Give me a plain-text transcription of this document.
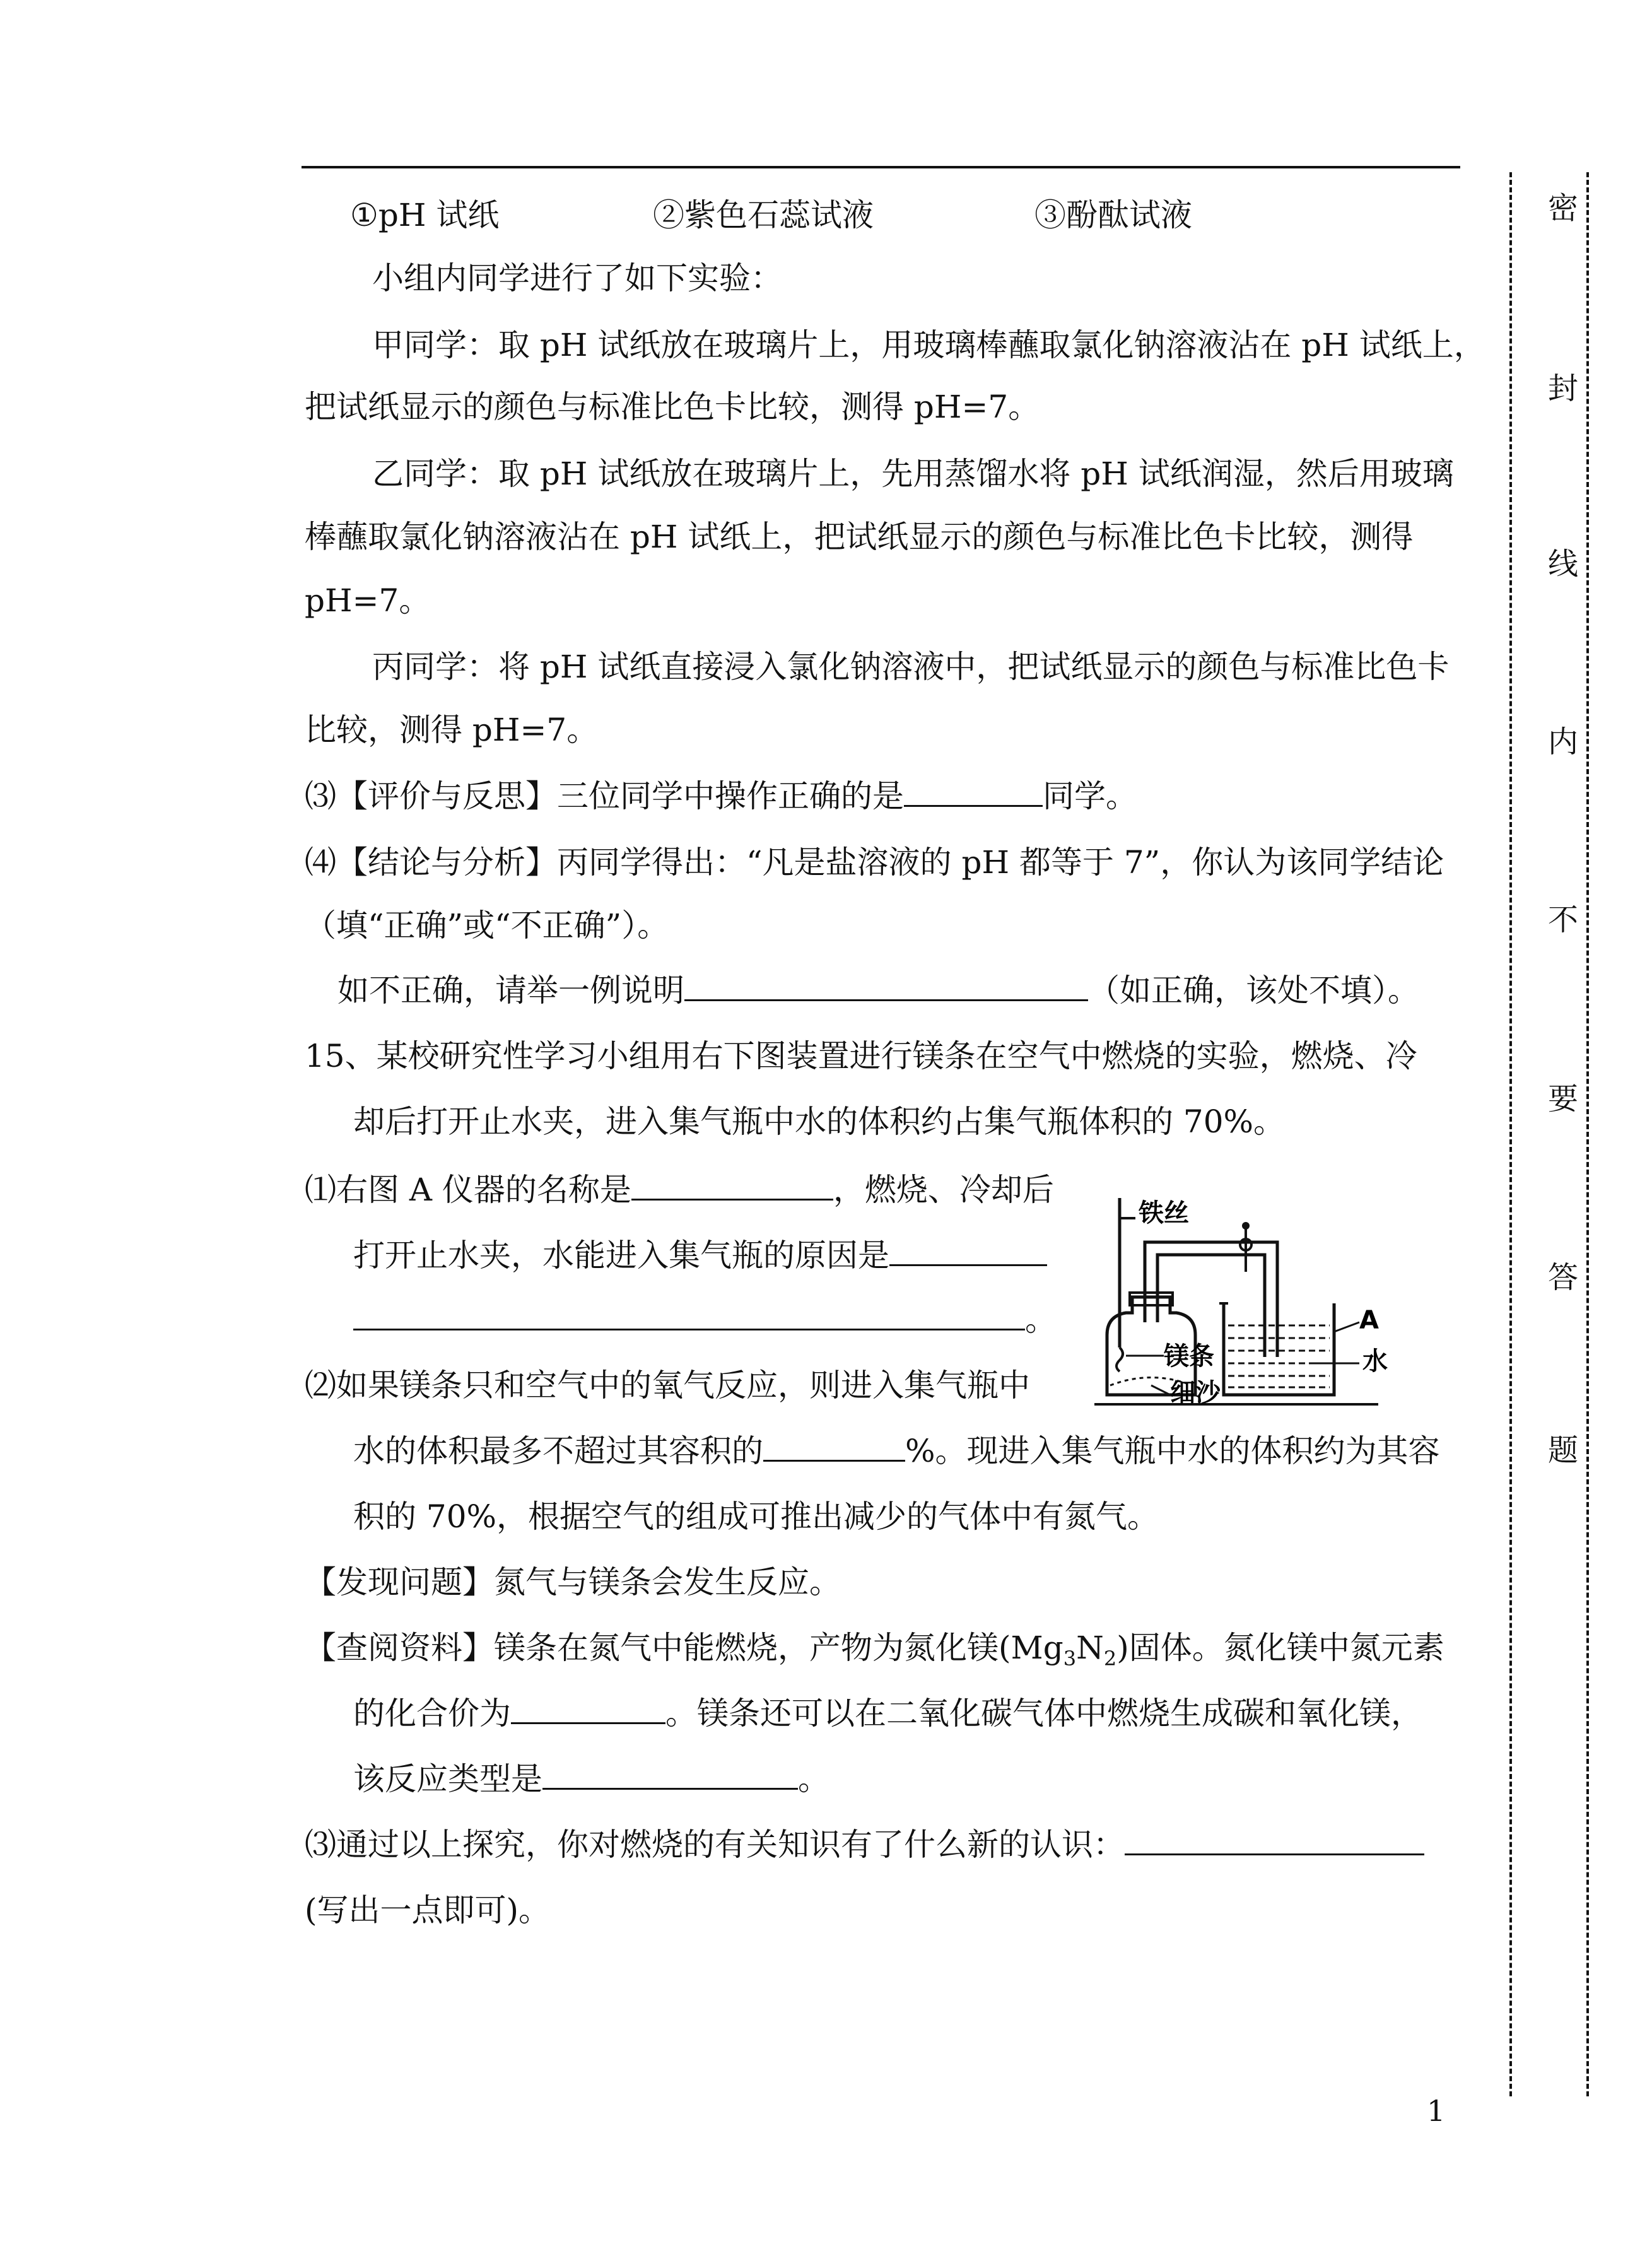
①pH 试纸	②紫色石蕊试液	③酚酞试液
小组内同学进行了如下实验：
甲同学：取 pH 试纸放在玻璃片上，用玻璃棒蘸取氯化钠溶液沾在 pH 试纸上，
把试纸显示的颜色与标准比色卡比较，测得 pH=7。
乙同学：取 pH 试纸放在玻璃片上，先用蒸馏水将 pH 试纸润湿，然后用玻璃
棒蘸取氯化钠溶液沾在 pH 试纸上，把试纸显示的颜色与标准比色卡比较，测得
pH=7。
丙同学：将 pH 试纸直接浸入氯化钠溶液中，把试纸显示的颜色与标准比色卡
比较，测得 pH=7。
⑶【评价与反思】三位同学中操作正确的是	同学。
⑷【结论与分析】丙同学得出：“凡是盐溶液的 pH 都等于 7”，你认为该同学结论
（填“正确”或“不正确”）。
如不正确，请举一例说明	（如正确，该处不填）。
15、某校研究性学习小组用右下图装置进行镁条在空气中燃烧的实验，燃烧、冷
却后打开止水夹，进入集气瓶中水的体积约占集气瓶体积的 70%。
⑴右图 A 仪器的名称是	，燃烧、冷却后
打开止水夹，水能进入集气瓶的原因是
。
⑵如果镁条只和空气中的氧气反应，则进入集气瓶中
水的体积最多不超过其容积的	%。现进入集气瓶中水的体积约为其容
积的 70%，根据空气的组成可推出减少的气体中有氮气。
【发现问题】氮气与镁条会发生反应。
【查阅资料】镁条在氮气中能燃烧，产物为氮化镁$(Mg_3N_2)$固体。氮化镁中氮元素
的化合价为	。镁条还可以在二氧化碳气体中燃烧生成碳和氧化镁，
该反应类型是	。
⑶通过以上探究，你对燃烧的有关知识有了什么新的认识：
(写出一点即可)。
铁丝
A
水
镁条
细沙
密
封
线
内
不
要
答
题
1
